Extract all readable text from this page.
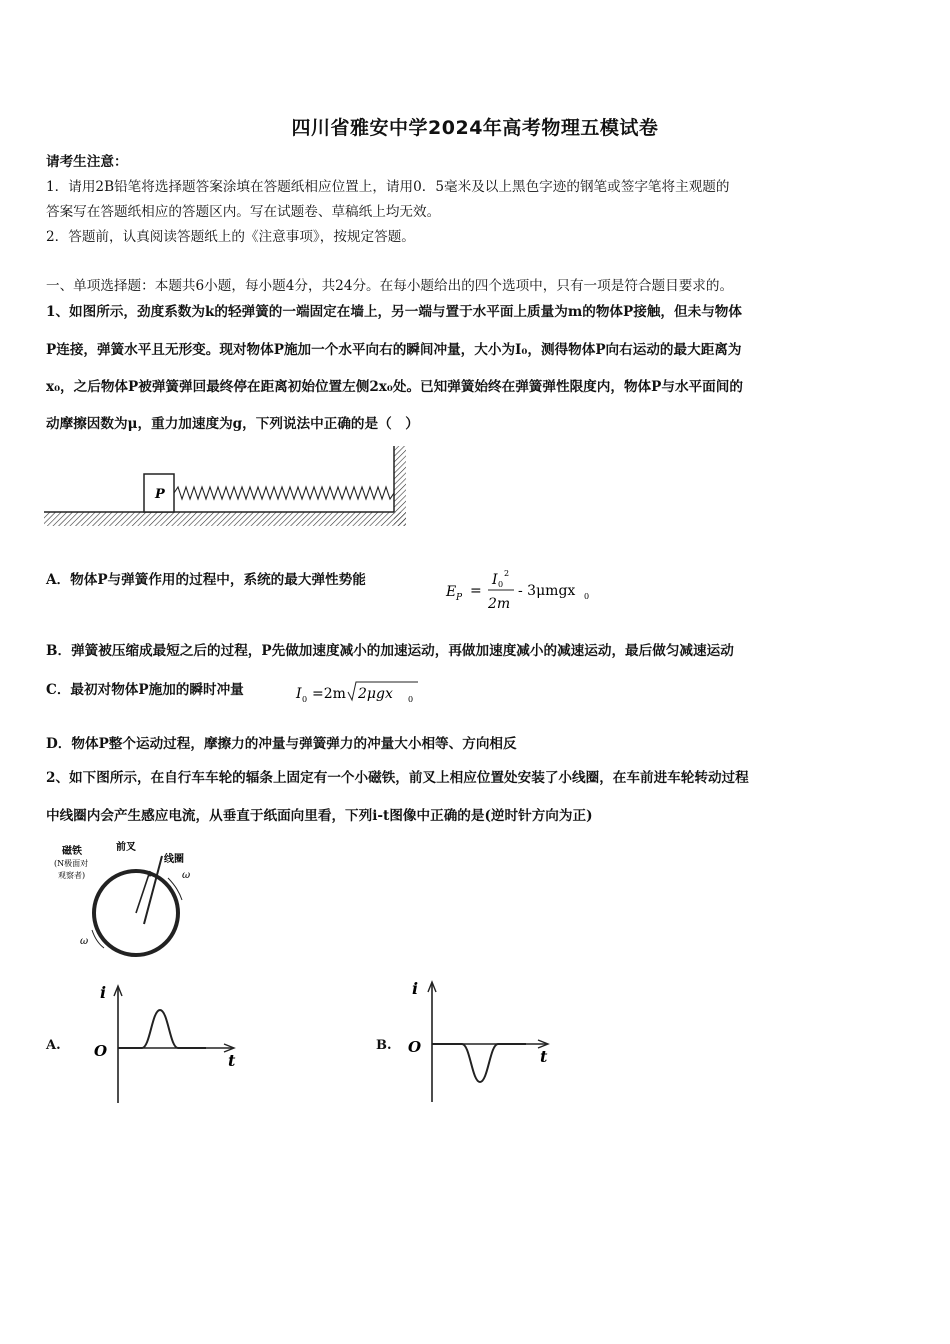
四川省雅安中学2024年高考物理五模试卷
请考生注意：
1．请用2B铅笔将选择题答案涂填在答题纸相应位置上，请用0．5毫米及以上黑色字迹的钢笔或签字笔将主观题的
答案写在答题纸相应的答题区内。写在试题卷、草稿纸上均无效。
2．答题前，认真阅读答题纸上的《注意事项》，按规定答题。
一、单项选择题：本题共6小题，每小题4分，共24分。在每小题给出的四个选项中，只有一项是符合题目要求的。
1、如图所示，劲度系数为k的轻弹簧的一端固定在墙上，另一端与置于水平面上质量为m的物体P接触，但未与物体
P连接，弹簧水平且无形变。现对物体P施加一个水平向右的瞬间冲量，大小为I₀，测得物体P向右运动的最大距离为
x₀，之后物体P被弹簧弹回最终停在距离初始位置左侧2x₀处。已知弹簧始终在弹簧弹性限度内，物体P与水平面间的
动摩擦因数为μ，重力加速度为g，下列说法中正确的是（　）
P
A．物体P与弹簧作用的过程中，系统的最大弹性势能
E P =
I 0
2
2m
- 3μmgx 0
B．弹簧被压缩成最短之后的过程，P先做加速度减小的加速运动，再做加速度减小的减速运动，最后做匀减速运动
C．最初对物体P施加的瞬时冲量	I 0 =2m 2μgx 0
D．物体P整个运动过程，摩擦力的冲量与弹簧弹力的冲量大小相等、方向相反
2、如下图所示，在自行车车轮的辐条上固定有一个小磁铁，前叉上相应位置处安装了小线圈，在车前进车轮转动过程
中线圈内会产生感应电流，从垂直于纸面向里看，下列i-t图像中正确的是(逆时针方向为正)
磁铁
(N极面对
观察者)
前叉
线圈
ω
ω
A.
i
t
O	B.
i
t
O
